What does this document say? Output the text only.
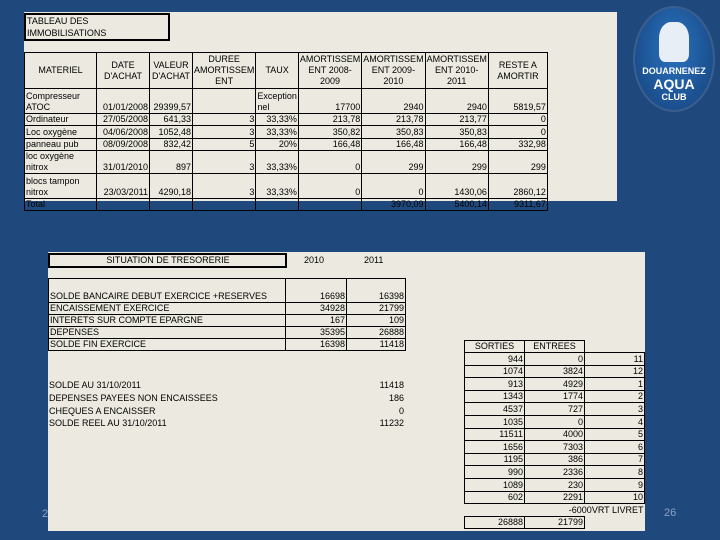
TABLEAU DES IMMOBILISATIONS
MATERIEL	DATE D'ACHAT	VALEUR D'ACHAT	DUREE AMORTISSEM ENT	TAUX	AMORTISSEM ENT 2008-2009	AMORTISSEM ENT 2009-2010	AMORTISSEM ENT 2010-2011	RESTE A AMORTIR
Compresseur ATOC	01/01/2008	29399,57		Exception nel	17700	2940	2940	5819,57
Ordinateur	27/05/2008	641,33	3	33,33%	213,78	213,78	213,77	0
Loc oxygène	04/06/2008	1052,48	3	33,33%	350,82	350,83	350,83	0
panneau pub	08/09/2008	832,42	5	20%	166,48	166,48	166,48	332,98
loc oxygène nitrox	31/01/2010	897	3	33,33%	0	299	299	299
blocs tampon nitrox	23/03/2011	4290,18	3	33,33%	0	0	1430,06	2860,12
Total						3970,09	5400,14	9311,67
SITUATION DE TRESORERIE	2010	2011
SOLDE BANCAIRE DEBUT EXERCICE +RESERVES	16698	16398
ENCAISSEMENT EXERCICE	34928	21799
INTERETS SUR COMPTE EPARGNE	167	109
DEPENSES	35395	26888
SOLDE FIN EXERCICE	16398	11418
SOLDE AU 31/10/2011	11418
DEPENSES PAYEES NON ENCAISSEES	186
CHEQUES A ENCAISSER	0
SOLDE REEL AU 31/10/2011	11232
SORTIES	ENTREES	
944	0	11
1074	3824	12
913	4929	1
1343	1774	2
4537	727	3
1035	0	4
11511	4000	5
1656	7303	6
1195	386	7
990	2336	8
1089	230	9
602	2291	10
-6000VRT LIVRET		
26888	21799	
DOUARNENEZ
AQUA
CLUB
2	26
